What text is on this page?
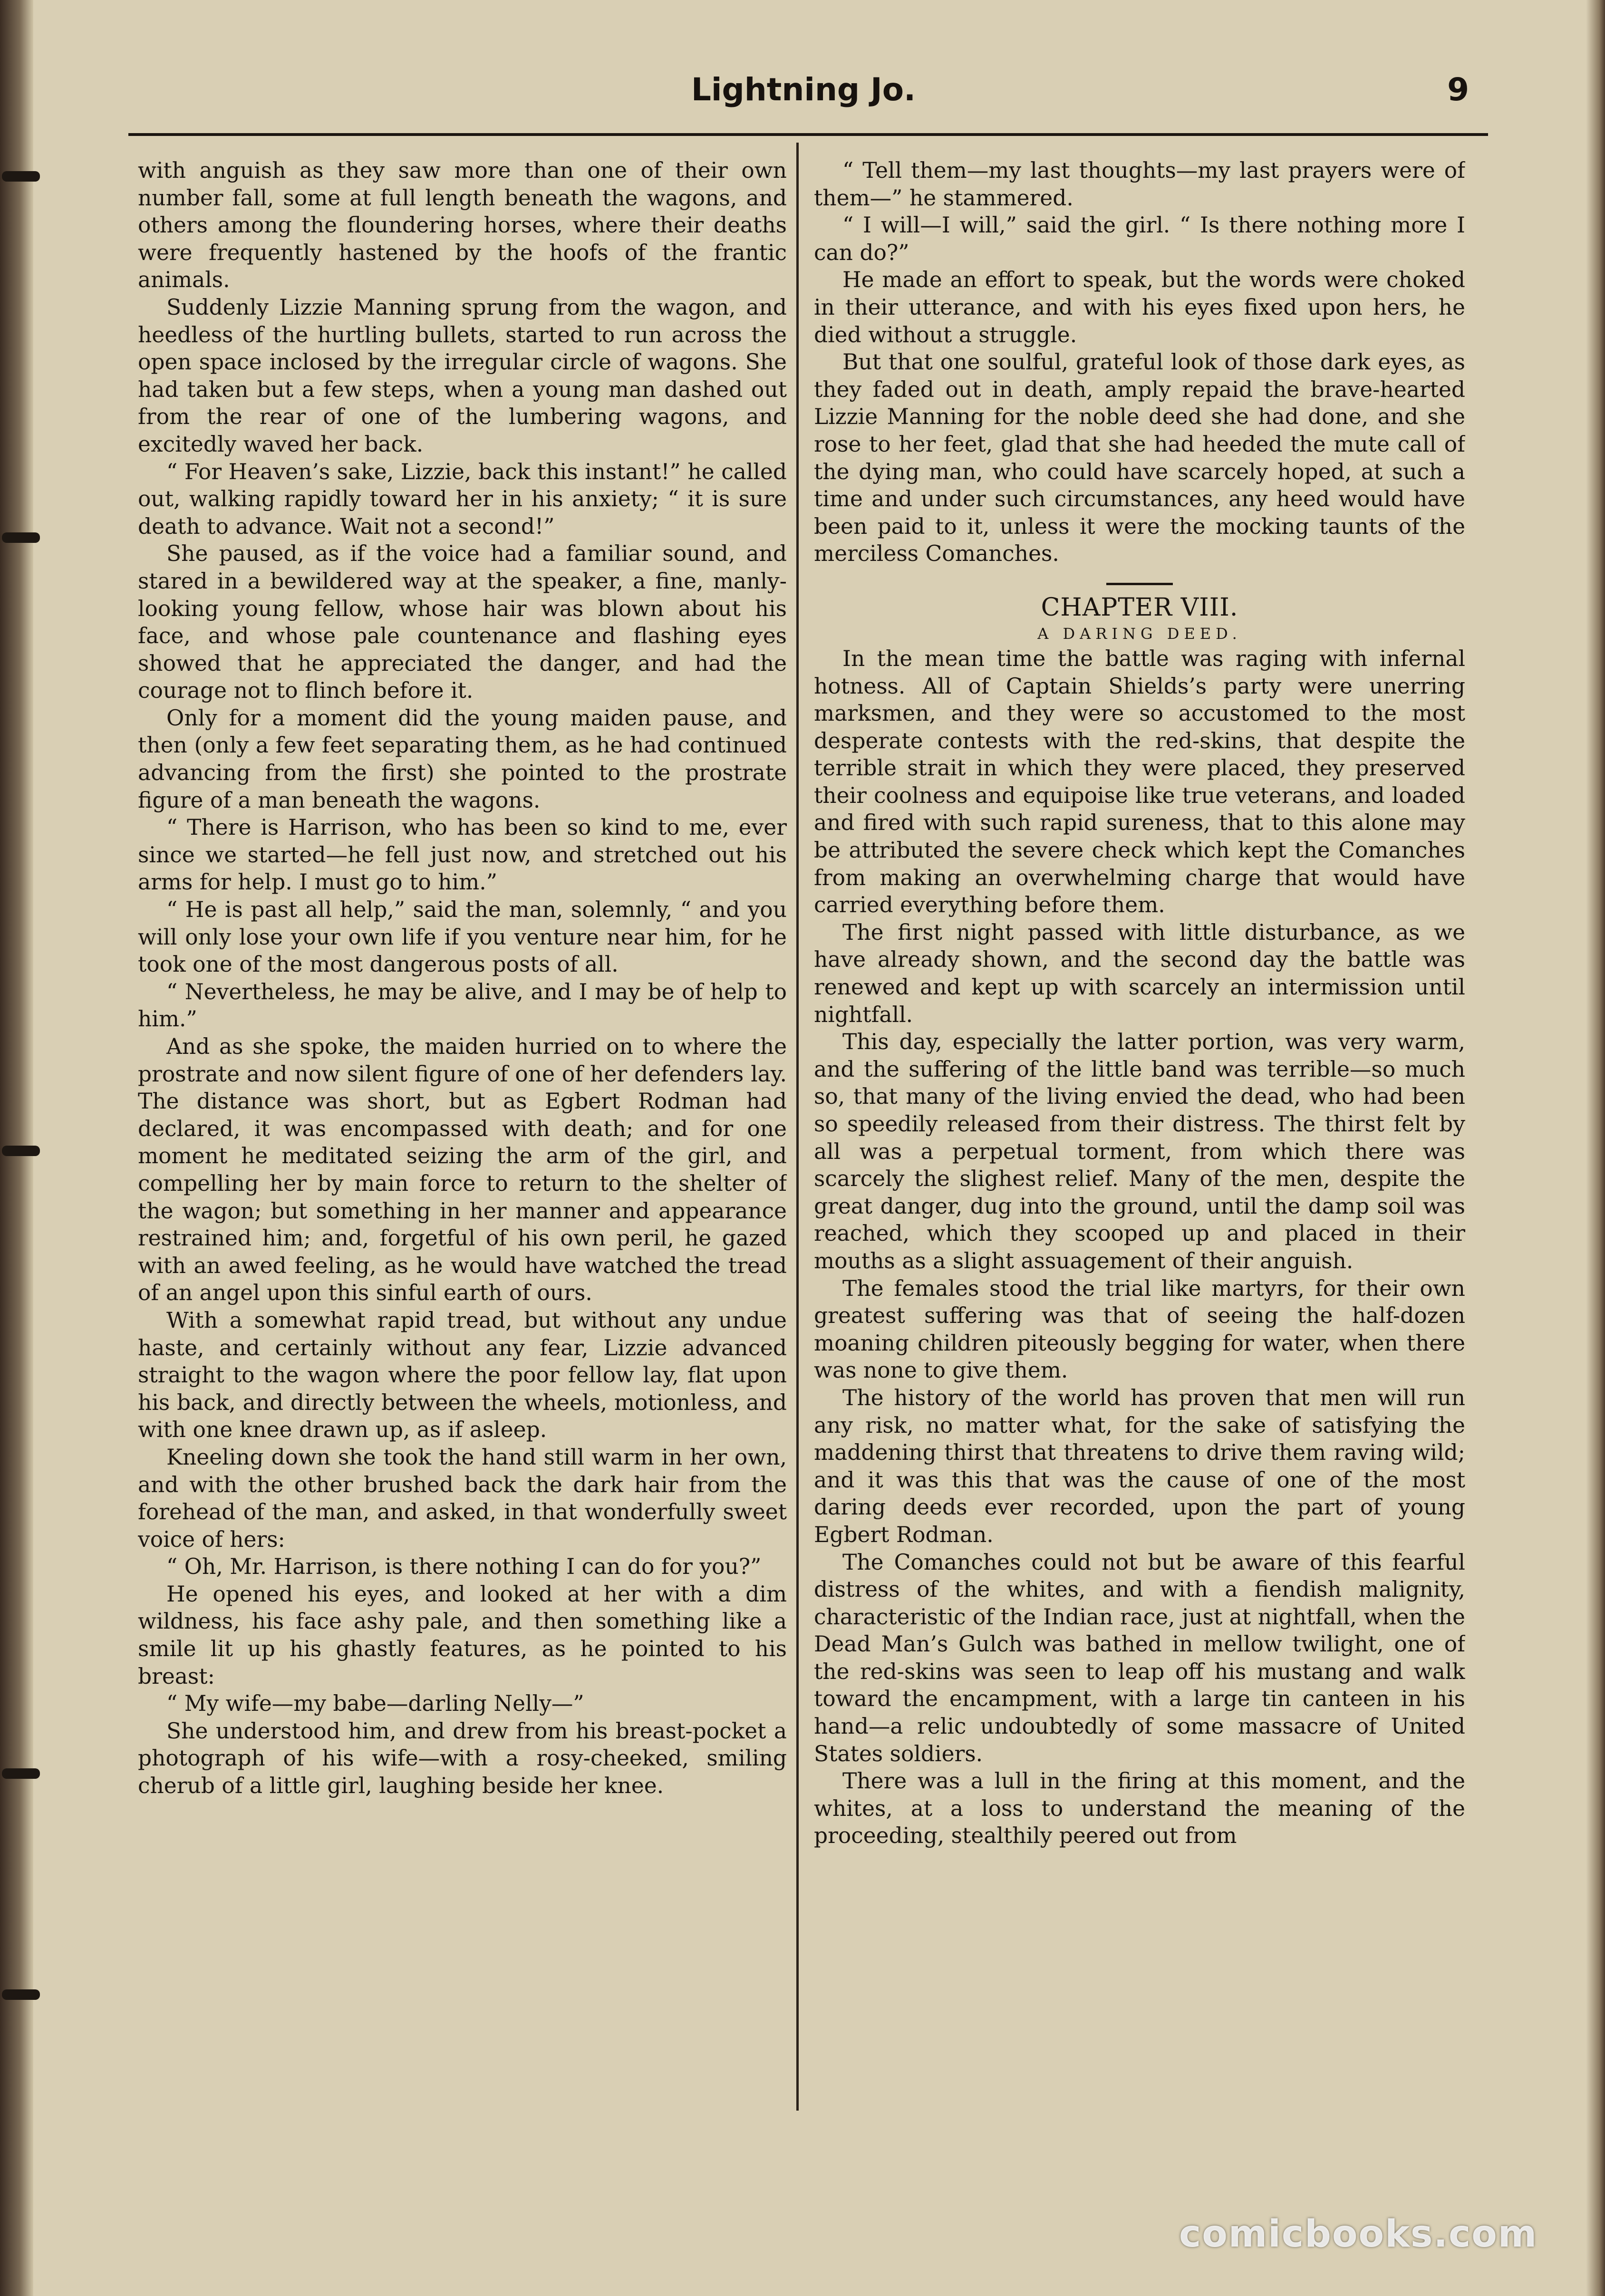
Lightning Jo.	9

with anguish as they saw more than one of their own number fall, some at full length beneath the wagons, and others among the floundering horses, where their deaths were frequently hastened by the hoofs of the frantic animals.

Suddenly Lizzie Manning sprung from the wagon, and heedless of the hurtling bullets, started to run across the open space inclosed by the irregular circle of wagons. She had taken but a few steps, when a young man dashed out from the rear of one of the lumbering wagons, and excitedly waved her back.

“ For Heaven’s sake, Lizzie, back this instant!” he called out, walking rapidly toward her in his anxiety; “ it is sure death to advance. Wait not a second!”

She paused, as if the voice had a familiar sound, and stared in a bewildered way at the speaker, a fine, manly-looking young fellow, whose hair was blown about his face, and whose pale countenance and flashing eyes showed that he appreciated the danger, and had the courage not to flinch before it.

Only for a moment did the young maiden pause, and then (only a few feet separating them, as he had continued advancing from the first) she pointed to the prostrate figure of a man beneath the wagons.

“ There is Harrison, who has been so kind to me, ever since we started—he fell just now, and stretched out his arms for help. I must go to him.”

“ He is past all help,” said the man, solemnly, “ and you will only lose your own life if you venture near him, for he took one of the most dangerous posts of all.

“ Nevertheless, he may be alive, and I may be of help to him.”

And as she spoke, the maiden hurried on to where the prostrate and now silent figure of one of her defenders lay. The distance was short, but as Egbert Rodman had declared, it was encompassed with death; and for one moment he meditated seizing the arm of the girl, and compelling her by main force to return to the shelter of the wagon; but something in her manner and appearance restrained him; and, forgetful of his own peril, he gazed with an awed feeling, as he would have watched the tread of an angel upon this sinful earth of ours.

With a somewhat rapid tread, but without any undue haste, and certainly without any fear, Lizzie advanced straight to the wagon where the poor fellow lay, flat upon his back, and directly between the wheels, motionless, and with one knee drawn up, as if asleep.

Kneeling down she took the hand still warm in her own, and with the other brushed back the dark hair from the forehead of the man, and asked, in that wonderfully sweet voice of hers:

“ Oh, Mr. Harrison, is there nothing I can do for you?”

He opened his eyes, and looked at her with a dim wildness, his face ashy pale, and then something like a smile lit up his ghastly features, as he pointed to his breast:

“ My wife—my babe—darling Nelly—”

She understood him, and drew from his breast-pocket a photograph of his wife—with a rosy-cheeked, smiling cherub of a little girl, laughing beside her knee.

“ Tell them—my last thoughts—my last prayers were of them—” he stammered.

“ I will—I will,” said the girl. “ Is there nothing more I can do?”

He made an effort to speak, but the words were choked in their utterance, and with his eyes fixed upon hers, he died without a struggle.

But that one soulful, grateful look of those dark eyes, as they faded out in death, amply repaid the brave-hearted Lizzie Manning for the noble deed she had done, and she rose to her feet, glad that she had heeded the mute call of the dying man, who could have scarcely hoped, at such a time and under such circumstances, any heed would have been paid to it, unless it were the mocking taunts of the merciless Comanches.

CHAPTER VIII.

A DARING DEED.

In the mean time the battle was raging with infernal hotness. All of Captain Shields’s party were unerring marksmen, and they were so accustomed to the most desperate contests with the red-skins, that despite the terrible strait in which they were placed, they preserved their coolness and equipoise like true veterans, and loaded and fired with such rapid sureness, that to this alone may be attributed the severe check which kept the Comanches from making an overwhelming charge that would have carried everything before them.

The first night passed with little disturbance, as we have already shown, and the second day the battle was renewed and kept up with scarcely an intermission until nightfall.

This day, especially the latter portion, was very warm, and the suffering of the little band was terrible—so much so, that many of the living envied the dead, who had been so speedily released from their distress. The thirst felt by all was a perpetual torment, from which there was scarcely the slighest relief. Many of the men, despite the great danger, dug into the ground, until the damp soil was reached, which they scooped up and placed in their mouths as a slight assuagement of their anguish.

The females stood the trial like martyrs, for their own greatest suffering was that of seeing the half-dozen moaning children piteously begging for water, when there was none to give them.

The history of the world has proven that men will run any risk, no matter what, for the sake of satisfying the maddening thirst that threatens to drive them raving wild; and it was this that was the cause of one of the most daring deeds ever recorded, upon the part of young Egbert Rodman.

The Comanches could not but be aware of this fearful distress of the whites, and with a fiendish malignity, characteristic of the Indian race, just at nightfall, when the Dead Man’s Gulch was bathed in mellow twilight, one of the red-skins was seen to leap off his mustang and walk toward the encampment, with a large tin canteen in his hand—a relic undoubtedly of some massacre of United States soldiers.

There was a lull in the firing at this moment, and the whites, at a loss to understand the meaning of the proceeding, stealthily peered out from

comicbooks.com
